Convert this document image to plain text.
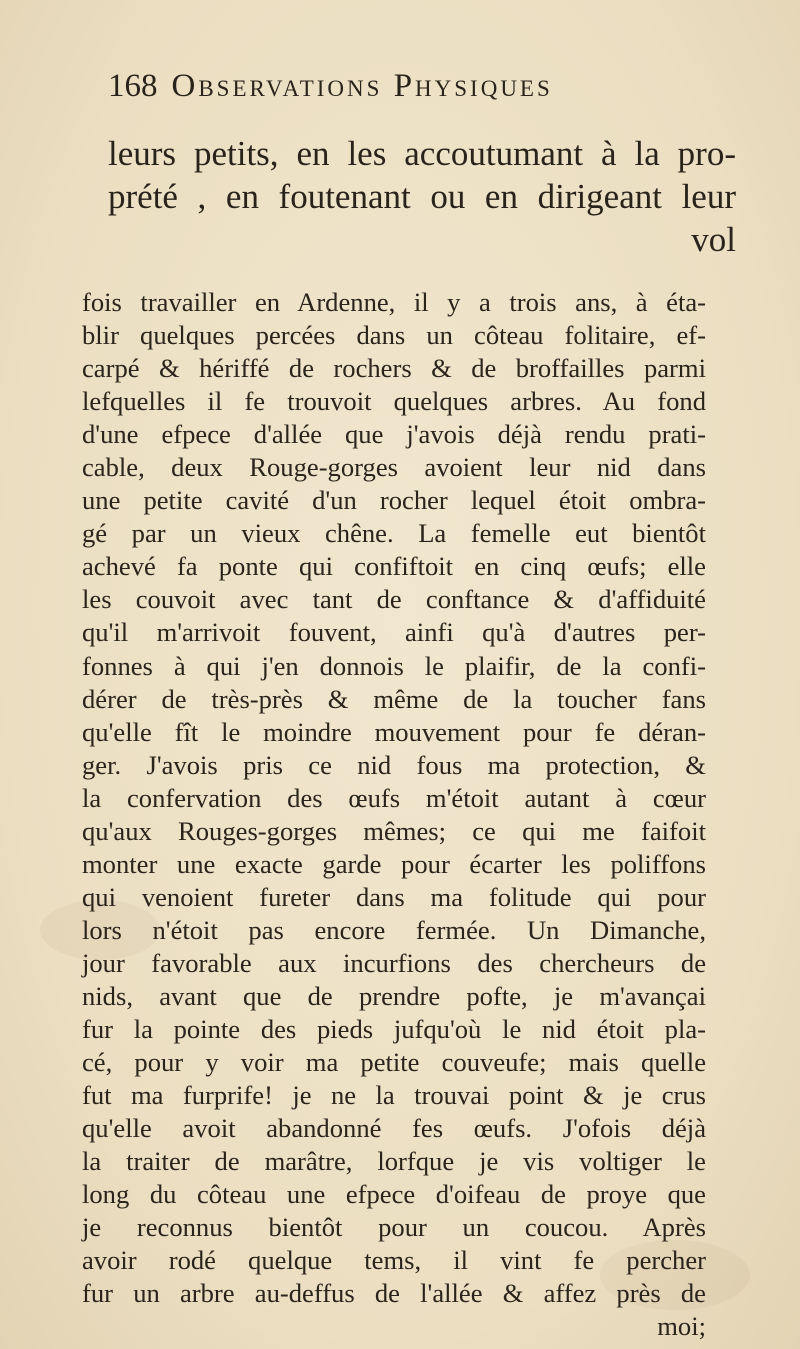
168 Observations Physiques
leurs petits, en les accoutumant à la pro-
prété , en foutenant ou en dirigeant leur
vol
fois travailler en Ardenne, il y a trois ans, à éta-
blir quelques percées dans un côteau folitaire, ef-
carpé & hériffé de rochers & de broffailles parmi
lefquelles il fe trouvoit quelques arbres. Au fond
d'une efpece d'allée que j'avois déjà rendu prati-
cable, deux Rouge-gorges avoient leur nid dans
une petite cavité d'un rocher lequel étoit ombra-
gé par un vieux chêne. La femelle eut bientôt
achevé fa ponte qui confiftoit en cinq œufs; elle
les couvoit avec tant de conftance & d'affiduité
qu'il m'arrivoit fouvent, ainfi qu'à d'autres per-
fonnes à qui j'en donnois le plaifir, de la confi-
dérer de très-près & même de la toucher fans
qu'elle fît le moindre mouvement pour fe déran-
ger. J'avois pris ce nid fous ma protection, &
la confervation des œufs m'étoit autant à cœur
qu'aux Rouges-gorges mêmes; ce qui me faifoit
monter une exacte garde pour écarter les poliffons
qui venoient fureter dans ma folitude qui pour
lors n'étoit pas encore fermée. Un Dimanche,
jour favorable aux incurfions des chercheurs de
nids, avant que de prendre pofte, je m'avançai
fur la pointe des pieds jufqu'où le nid étoit pla-
cé, pour y voir ma petite couveufe; mais quelle
fut ma furprife! je ne la trouvai point & je crus
qu'elle avoit abandonné fes œufs. J'ofois déjà
la traiter de marâtre, lorfque je vis voltiger le
long du côteau une efpece d'oifeau de proye que
je reconnus bientôt pour un coucou. Après
avoir rodé quelque tems, il vint fe percher
fur un arbre au-deffus de l'allée & affez près de
moi;
